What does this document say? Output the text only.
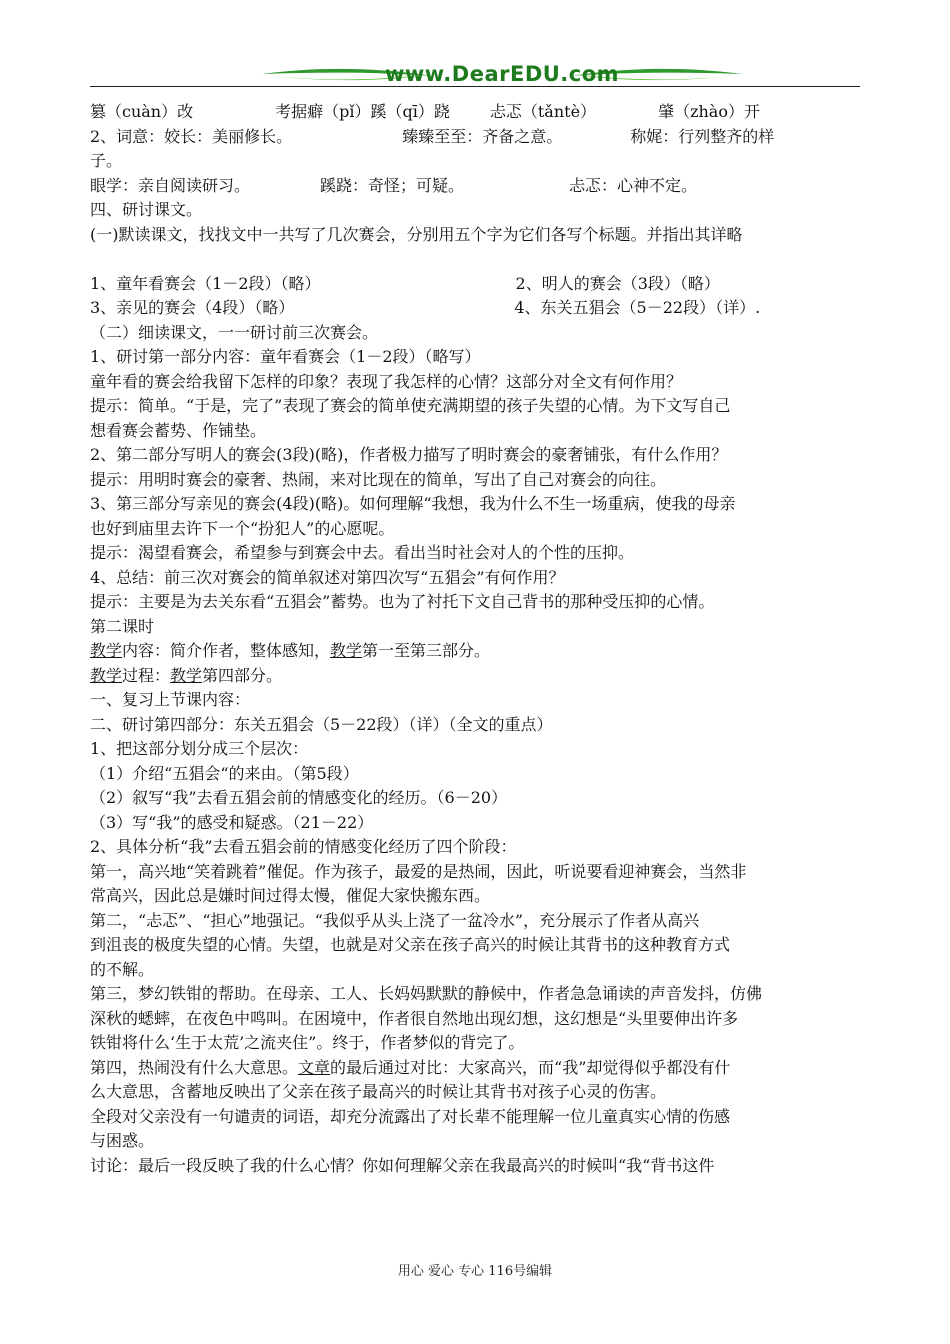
www.DearEDU.com
篡（cuàn）改	考据癖（pǐ）蹊（qī）跷	忐忑（tǎntè）	肇（zhào）开
2、词意：姣长：美丽修长。	臻臻至至：齐备之意。	称娓：行列整齐的样
子。
眼学：亲自阅读研习。	蹊跷：奇怪；可疑。	忐忑：心神不定。
四、研讨课文。
(一)默读课文，找找文中一共写了几次赛会，分别用五个字为它们各写个标题。并指出其详略
1、童年看赛会（1－2段）（略）	2、明人的赛会（3段）（略）
3、亲见的赛会（4段）（略）	4、东关五猖会（5－22段）（详）.
（二）细读课文，一一研讨前三次赛会。
1、研讨第一部分内容：童年看赛会（1－2段）（略写）
童年看的赛会给我留下怎样的印象？表现了我怎样的心情？这部分对全文有何作用？
提示：简单。“于是，完了”表现了赛会的简单使充满期望的孩子失望的心情。为下文写自己
想看赛会蓄势、作铺垫。
2、第二部分写明人的赛会(3段)(略)，作者极力描写了明时赛会的豪奢铺张，有什么作用？
提示：用明时赛会的豪奢、热闹，来对比现在的简单，写出了自己对赛会的向往。
3、第三部分写亲见的赛会(4段)(略)。如何理解“我想，我为什么不生一场重病，使我的母亲
也好到庙里去许下一个“扮犯人”的心愿呢。
提示：渴望看赛会，希望参与到赛会中去。看出当时社会对人的个性的压抑。
4、总结：前三次对赛会的简单叙述对第四次写“五猖会”有何作用？
提示：主要是为去关东看“五猖会”蓄势。也为了衬托下文自己背书的那种受压抑的心情。
第二课时
教学内容：简介作者，整体感知，教学第一至第三部分。
教学过程：教学第四部分。
一、复习上节课内容：
二、研讨第四部分：东关五猖会（5－22段）（详）（全文的重点）
1、把这部分划分成三个层次：
（1）介绍“五猖会“的来由。（第5段）
（2）叙写“我”去看五猖会前的情感变化的经历。（6－20）
（3）写“我”的感受和疑惑。（21－22）
2、具体分析“我”去看五猖会前的情感变化经历了四个阶段：
第一，高兴地“笑着跳着”催促。作为孩子，最爱的是热闹，因此，听说要看迎神赛会，当然非
常高兴，因此总是嫌时间过得太慢，催促大家快搬东西。
第二，“忐忑”、“担心”地强记。“我似乎从头上浇了一盆冷水”，充分展示了作者从高兴
到沮丧的极度失望的心情。失望，也就是对父亲在孩子高兴的时候让其背书的这种教育方式
的不解。
第三，梦幻铁钳的帮助。在母亲、工人、长妈妈默默的静候中，作者急急诵读的声音发抖，仿佛
深秋的蟋蟀，在夜色中鸣叫。在困境中，作者很自然地出现幻想，这幻想是“头里要伸出许多
铁钳将什么‘生于太荒’之流夹住”。终于，作者梦似的背完了。
第四，热闹没有什么大意思。文章的最后通过对比：大家高兴，而“我”却觉得似乎都没有什
么大意思，含蓄地反映出了父亲在孩子最高兴的时候让其背书对孩子心灵的伤害。
全段对父亲没有一句谴责的词语，却充分流露出了对长辈不能理解一位儿童真实心情的伤感
与困惑。
讨论：最后一段反映了我的什么心情？你如何理解父亲在我最高兴的时候叫“我“背书这件
用心 爱心 专心 116号编辑
